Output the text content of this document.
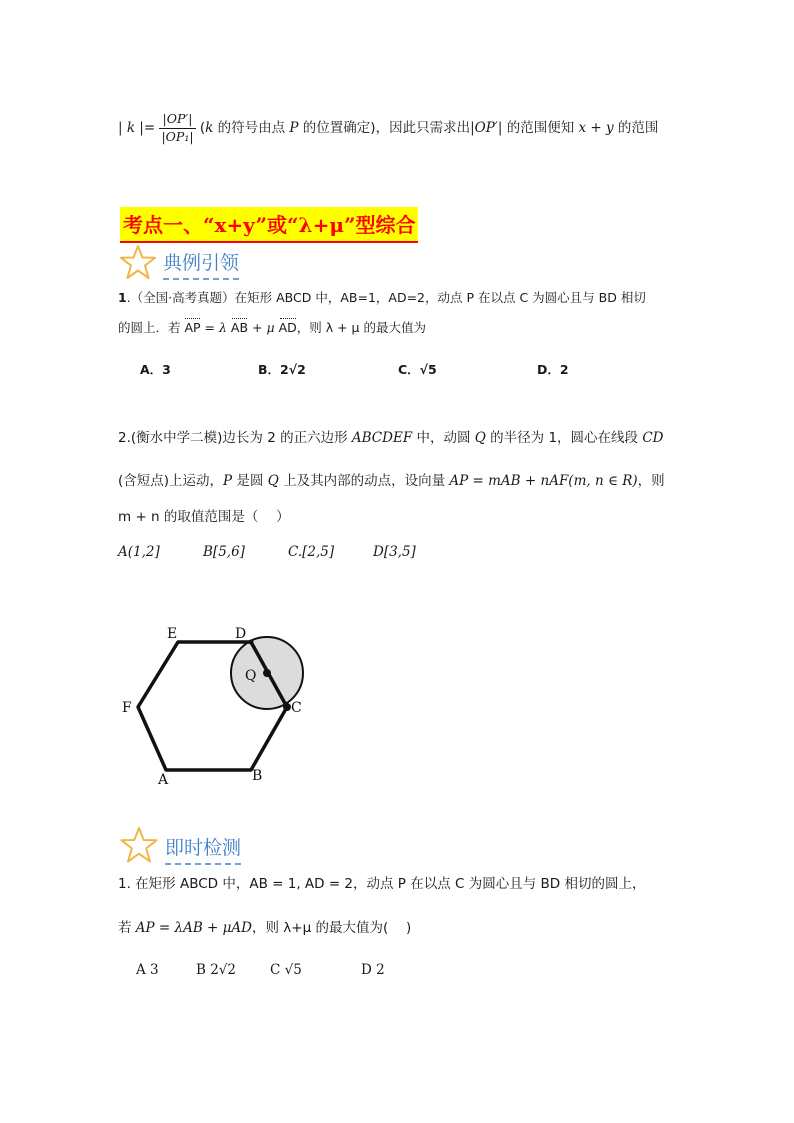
| k |= $\frac{|OP'|}{\text{|OP₁|}} (k$ 的符号由点 P 的位置确定)，因此只需求出|OP′| 的范围便知 x + y 的范围
考点一、“x+y”或“λ+μ”型综合
典例引领
1.（全国·高考真题）在矩形 ABCD 中，AB=1，AD=2，动点 P 在以点 C 为圆心且与 BD 相切
的圆上．若 AP = λ AB + μ AD，则 λ + μ 的最大值为
A．3	B．2√2	C．√5	D．2
2.(衡水中学二模)边长为 2 的正六边形 ABCDEF 中，动圆 Q 的半径为 1，圆心在线段 CD
(含短点)上运动，P 是圆 Q 上及其内部的动点，设向量 AP = mAB + nAF(m, n ∈ R)，则
m + n 的取值范围是（　 ）
A(1,2]	B[5,6]	C.[2,5]	D[3,5]
A	B
C
D
E
F
Q
即时检测
1. 在矩形 ABCD 中，AB = 1, AD = 2，动点 P 在以点 C 为圆心且与 BD 相切的圆上，
若 AP = λAB + μAD，则 λ+μ 的最大值为(　 )
A 3	B 2√2	C √5	D 2
